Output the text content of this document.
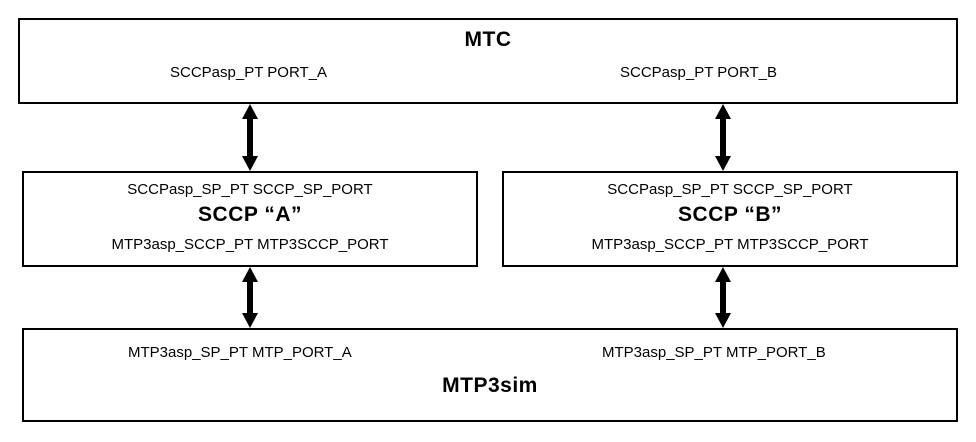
MTC
SCCPasp_PT PORT_A	SCCPasp_PT PORT_B
SCCPasp_SP_PT SCCP_SP_PORT
SCCP “A”
MTP3asp_SCCP_PT MTP3SCCP_PORT
SCCPasp_SP_PT SCCP_SP_PORT
SCCP “B”
MTP3asp_SCCP_PT MTP3SCCP_PORT
MTP3asp_SP_PT MTP_PORT_A	MTP3asp_SP_PT MTP_PORT_B
MTP3sim
